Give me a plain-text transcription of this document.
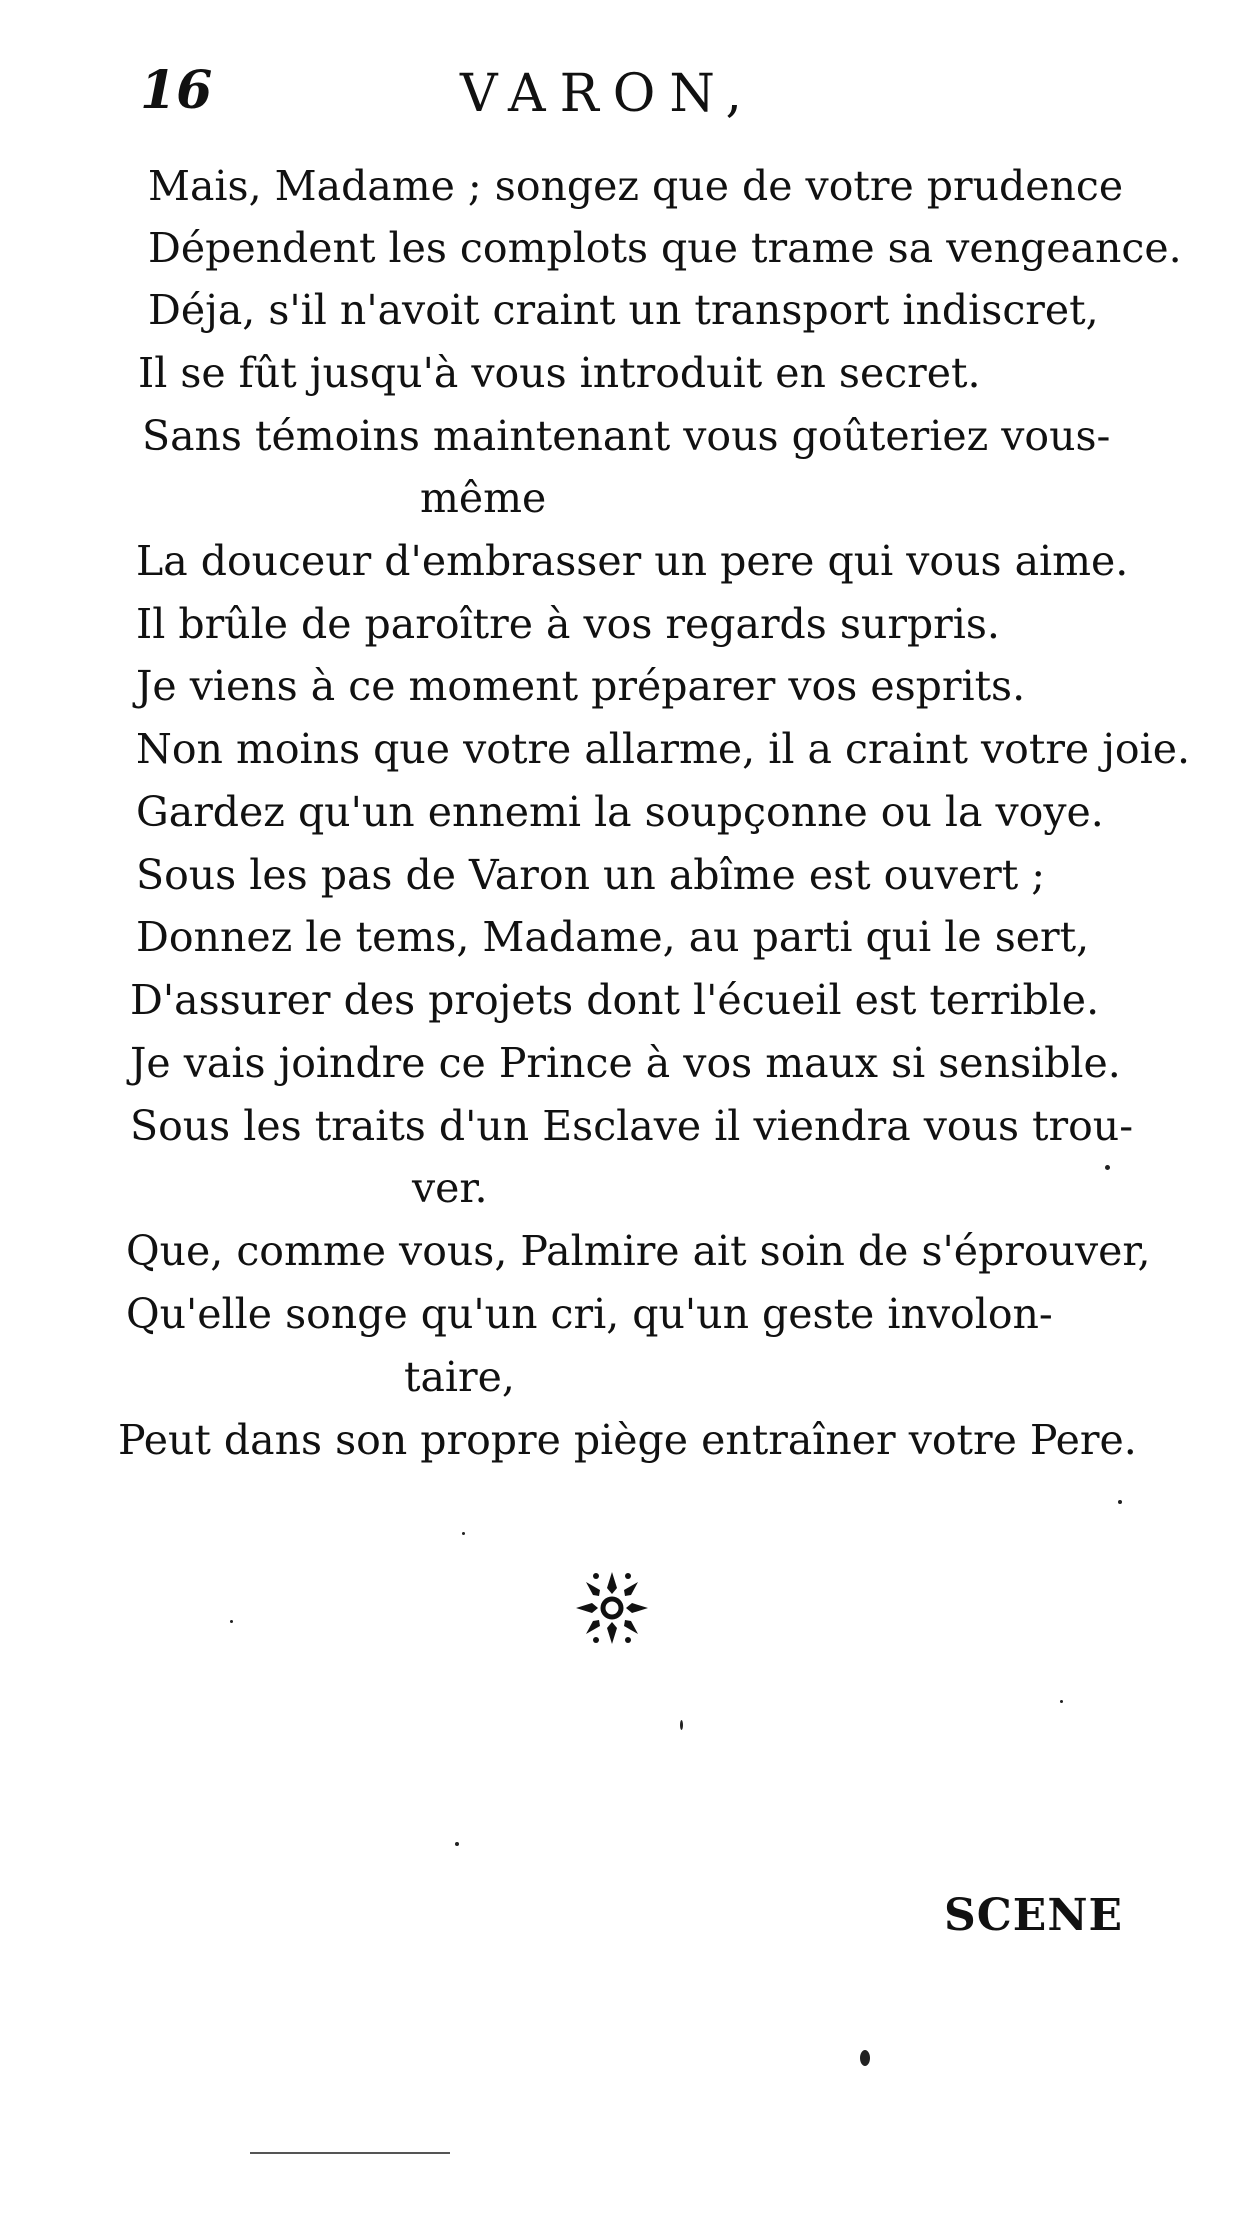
16	VARON,
Mais, Madame ; songez que de votre prudence
Dépendent les complots que trame sa vengeance.
Déja, s'il n'avoit craint un transport indiscret,
Il se fût jusqu'à vous introduit en secret.
Sans témoins maintenant vous goûteriez vous-
même
La douceur d'embrasser un pere qui vous aime.
Il brûle de paroître à vos regards surpris.
Je viens à ce moment préparer vos esprits.
Non moins que votre allarme, il a craint votre joie.
Gardez qu'un ennemi la soupçonne ou la voye.
Sous les pas de Varon un abîme est ouvert ;
Donnez le tems, Madame, au parti qui le sert,
D'assurer des projets dont l'écueil est terrible.
Je vais joindre ce Prince à vos maux si sensible.
Sous les traits d'un Esclave il viendra vous trou-
ver.
Que, comme vous, Palmire ait soin de s'éprouver,
Qu'elle songe qu'un cri, qu'un geste involon-
taire,
Peut dans son propre piège entraîner votre Pere.
SCENE
